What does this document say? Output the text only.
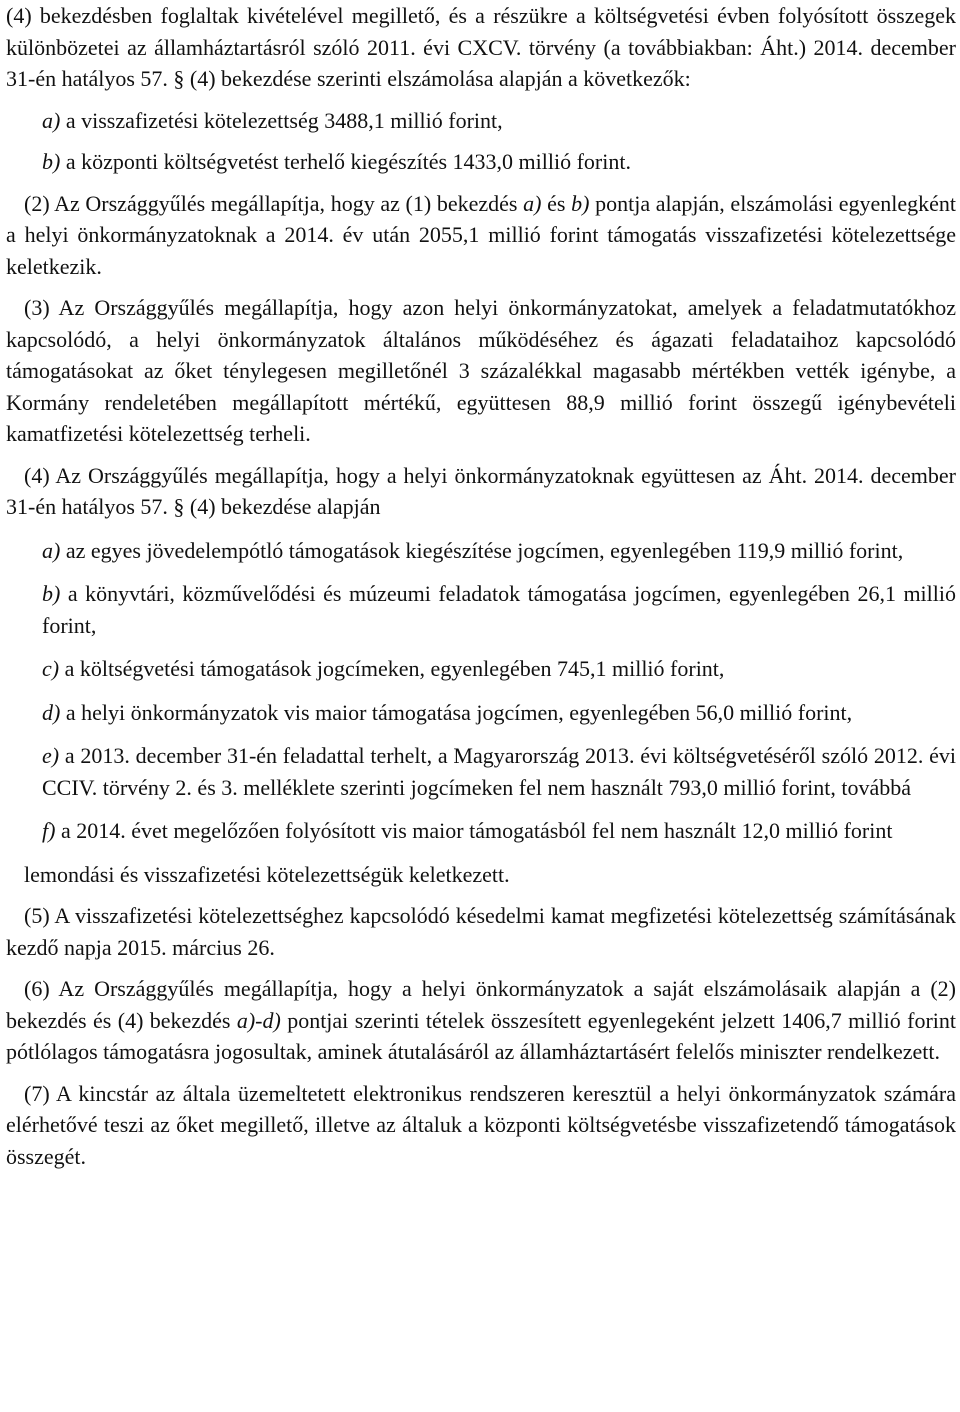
(4) bekezdésben foglaltak kivételével megillető, és a részükre a költségvetési évben folyósított összegek különbözetei az államháztartásról szóló 2011. évi CXCV. törvény (a továbbiakban: Áht.) 2014. december 31-én hatályos 57. § (4) bekezdése szerinti elszámolása alapján a következők:

a) a visszafizetési kötelezettség 3488,1 millió forint,

b) a központi költségvetést terhelő kiegészítés 1433,0 millió forint.

(2) Az Országgyűlés megállapítja, hogy az (1) bekezdés a) és b) pontja alapján, elszámolási egyenlegként a helyi önkormányzatoknak a 2014. év után 2055,1 millió forint támogatás visszafizetési kötelezettsége keletkezik.

(3) Az Országgyűlés megállapítja, hogy azon helyi önkormányzatokat, amelyek a feladatmutatókhoz kapcsolódó, a helyi önkormányzatok általános működéséhez és ágazati feladataihoz kapcsolódó támogatásokat az őket ténylegesen megilletőnél 3 százalékkal magasabb mértékben vették igénybe, a Kormány rendeletében megállapított mértékű, együttesen 88,9 millió forint összegű igénybevételi kamatfizetési kötelezettség terheli.

(4) Az Országgyűlés megállapítja, hogy a helyi önkormányzatoknak együttesen az Áht. 2014. december 31-én hatályos 57. § (4) bekezdése alapján

a) az egyes jövedelempótló támogatások kiegészítése jogcímen, egyenlegében 119,9 millió forint,

b) a könyvtári, közművelődési és múzeumi feladatok támogatása jogcímen, egyenlegében 26,1 millió forint,

c) a költségvetési támogatások jogcímeken, egyenlegében 745,1 millió forint,

d) a helyi önkormányzatok vis maior támogatása jogcímen, egyenlegében 56,0 millió forint,

e) a 2013. december 31-én feladattal terhelt, a Magyarország 2013. évi költségvetéséről szóló 2012. évi CCIV. törvény 2. és 3. melléklete szerinti jogcímeken fel nem használt 793,0 millió forint, továbbá

f) a 2014. évet megelőzően folyósított vis maior támogatásból fel nem használt 12,0 millió forint

lemondási és visszafizetési kötelezettségük keletkezett.

(5) A visszafizetési kötelezettséghez kapcsolódó késedelmi kamat megfizetési kötelezettség számításának kezdő napja 2015. március 26.

(6) Az Országgyűlés megállapítja, hogy a helyi önkormányzatok a saját elszámolásaik alapján a (2) bekezdés és (4) bekezdés a)-d) pontjai szerinti tételek összesített egyenlegeként jelzett 1406,7 millió forint pótlólagos támogatásra jogosultak, aminek átutalásáról az államháztartásért felelős miniszter rendelkezett.

(7) A kincstár az általa üzemeltetett elektronikus rendszeren keresztül a helyi önkormányzatok számára elérhetővé teszi az őket megillető, illetve az általuk a központi költségvetésbe visszafizetendő támogatások összegét.
